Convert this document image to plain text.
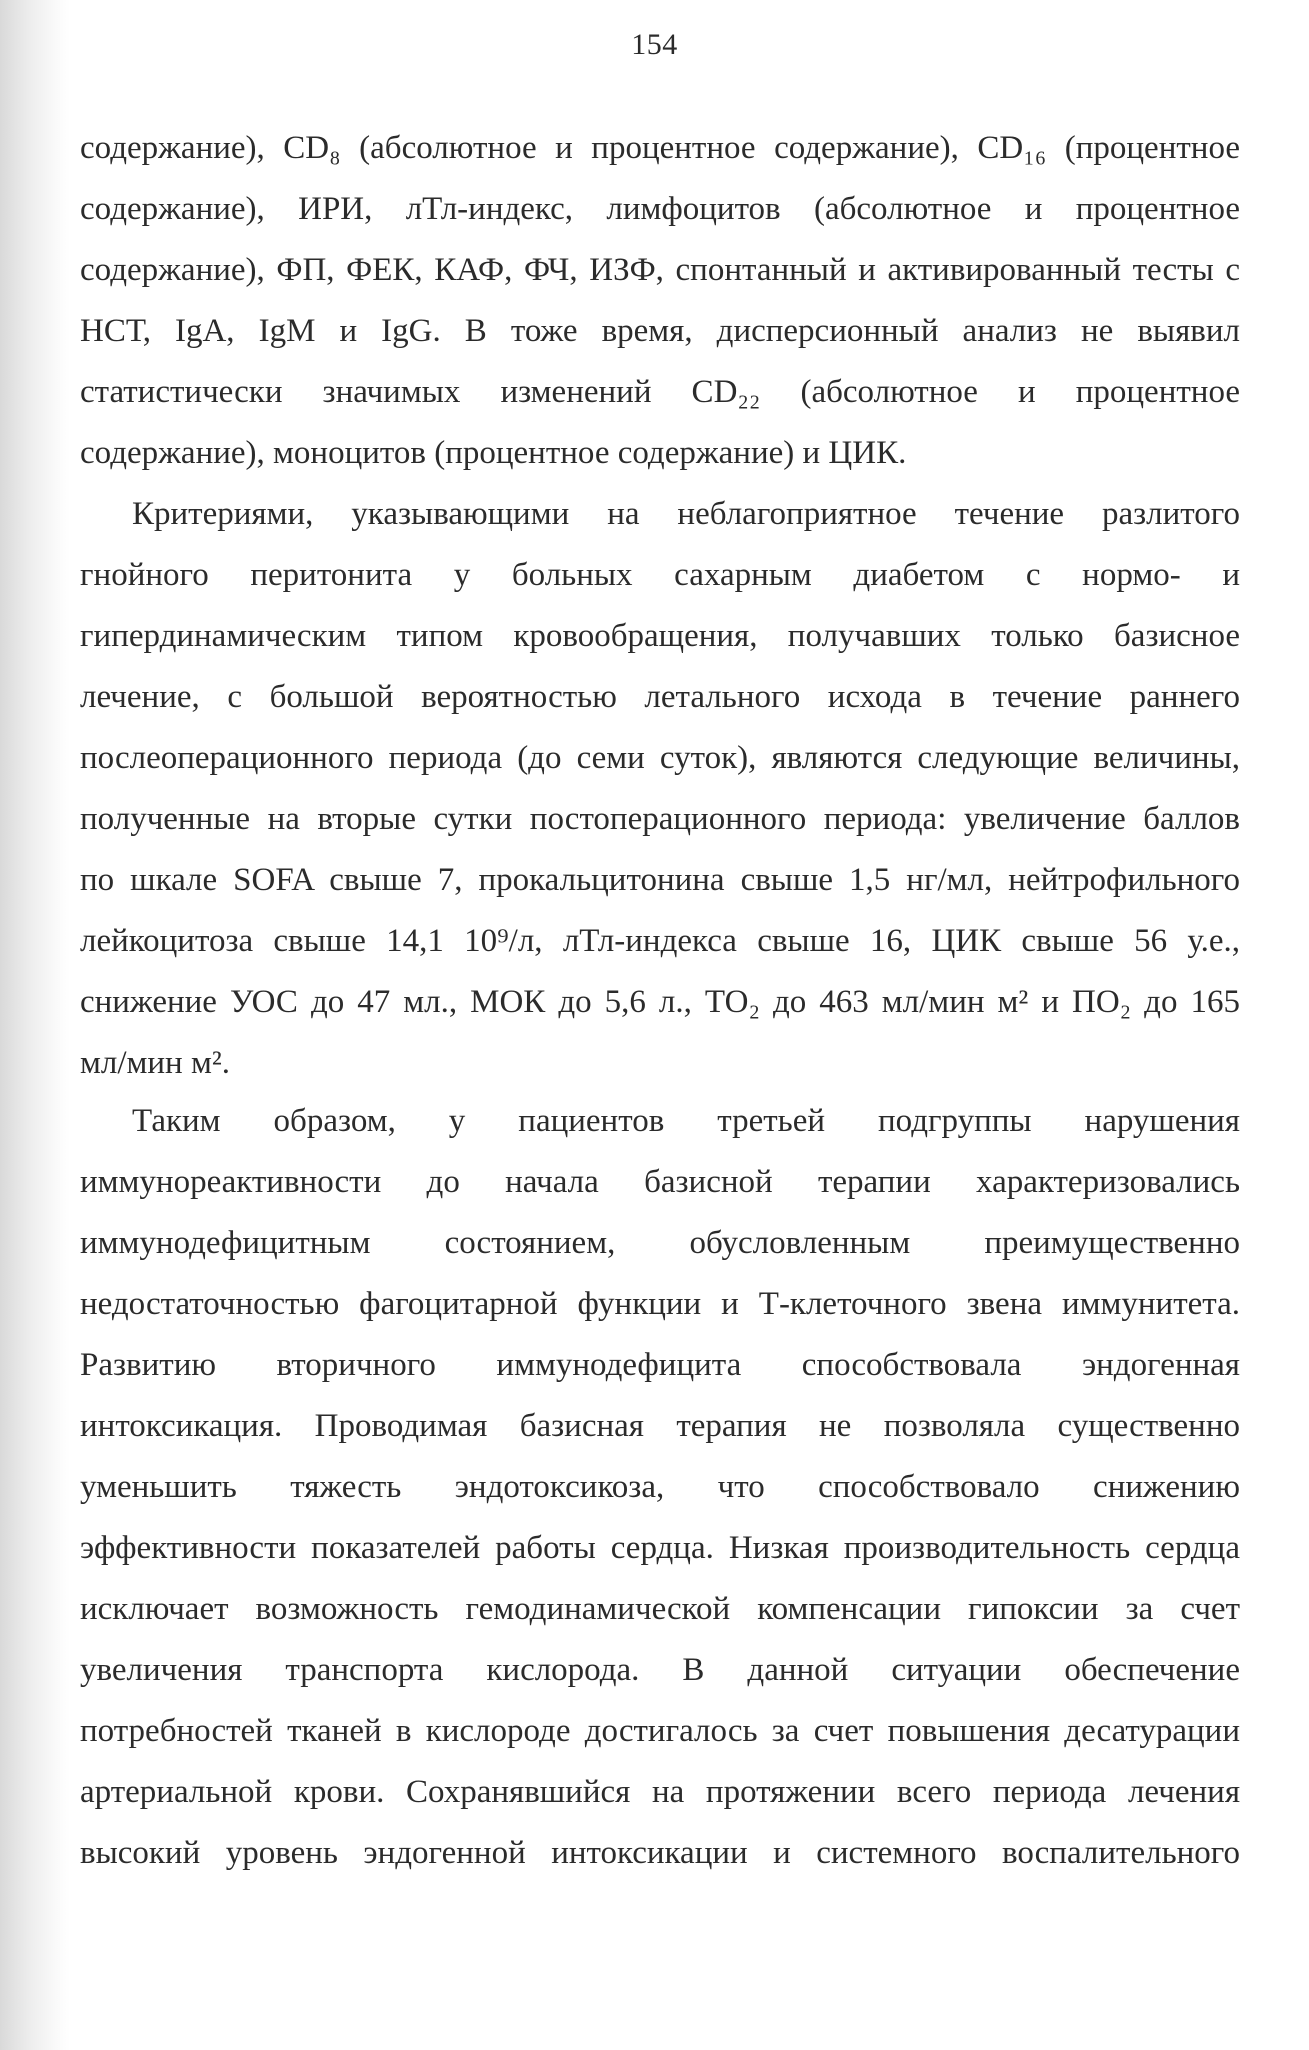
154
содержание), CD₈ (абсолютное и процентное содержание), CD₁₆ (процентное
содержание), ИРИ, лТл-индекс, лимфоцитов (абсолютное и процентное
содержание), ФП, ФЕК, КАФ, ФЧ, ИЗФ, спонтанный и активированный тесты с
НСТ, IgA, IgM и IgG. В тоже время, дисперсионный анализ не выявил
статистически значимых изменений CD₂₂ (абсолютное и процентное
содержание), моноцитов (процентное содержание) и ЦИК.
Критериями, указывающими на неблагоприятное течение разлитого
гнойного перитонита у больных сахарным диабетом с нормо- и
гипердинамическим типом кровообращения, получавших только базисное
лечение, с большой вероятностью летального исхода в течение раннего
послеоперационного периода (до семи суток), являются следующие величины,
полученные на вторые сутки постоперационного периода: увеличение баллов
по шкале SOFA свыше 7, прокальцитонина свыше 1,5 нг/мл, нейтрофильного
лейкоцитоза свыше 14,1 10⁹/л, лТл-индекса свыше 16, ЦИК свыше 56 у.е.,
снижение УОС до 47 мл., МОК до 5,6 л., ТО₂ до 463 мл/мин м² и ПО₂ до 165
мл/мин м².
Таким образом, у пациентов третьей подгруппы нарушения
иммунореактивности до начала базисной терапии характеризовались
иммунодефицитным состоянием, обусловленным преимущественно
недостаточностью фагоцитарной функции и Т-клеточного звена иммунитета.
Развитию вторичного иммунодефицита способствовала эндогенная
интоксикация. Проводимая базисная терапия не позволяла существенно
уменьшить тяжесть эндотоксикоза, что способствовало снижению
эффективности показателей работы сердца. Низкая производительность сердца
исключает возможность гемодинамической компенсации гипоксии за счет
увеличения транспорта кислорода. В данной ситуации обеспечение
потребностей тканей в кислороде достигалось за счет повышения десатурации
артериальной крови. Сохранявшийся на протяжении всего периода лечения
высокий уровень эндогенной интоксикации и системного воспалительного
